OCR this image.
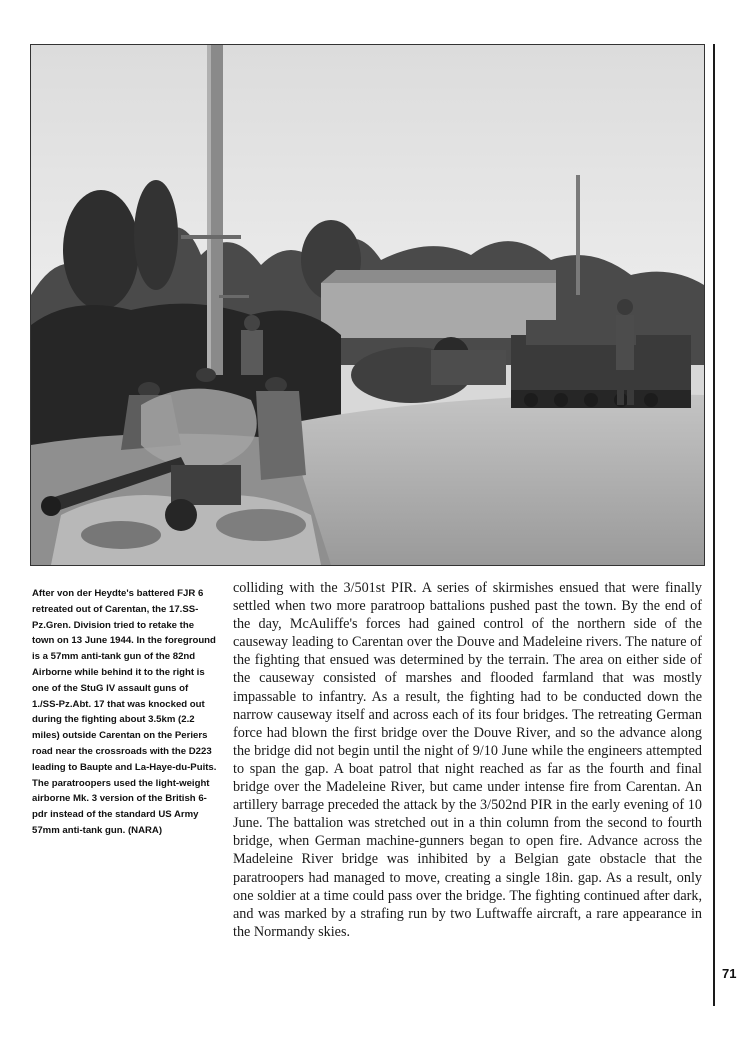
After von der Heydte's battered FJR 6 retreated out of Carentan, the 17.SS-Pz.Gren. Division tried to retake the town on 13 June 1944. In the foreground is a 57mm anti-tank gun of the 82nd Airborne while behind it to the right is one of the StuG IV assault guns of 1./SS-Pz.Abt. 17 that was knocked out during the fighting about 3.5km (2.2 miles) outside Carentan on the Periers road near the crossroads with the D223 leading to Baupte and La-Haye-du-Puits. The paratroopers used the light-weight airborne Mk. 3 version of the British 6-pdr instead of the standard US Army 57mm anti-tank gun. (NARA)
colliding with the 3/501st PIR. A series of skirmishes ensued that were finally settled when two more paratroop battalions pushed past the town. By the end of the day, McAuliffe's forces had gained control of the northern side of the causeway leading to Carentan over the Douve and Madeleine rivers. The nature of the fighting that ensued was determined by the terrain. The area on either side of the causeway consisted of marshes and flooded farmland that was mostly impassable to infantry. As a result, the fighting had to be conducted down the narrow causeway itself and across each of its four bridges. The retreating German force had blown the first bridge over the Douve River, and so the advance along the bridge did not begin until the night of 9/10 June while the engineers attempted to span the gap. A boat patrol that night reached as far as the fourth and final bridge over the Madeleine River, but came under intense fire from Carentan. An artillery barrage preceded the attack by the 3/502nd PIR in the early evening of 10 June. The battalion was stretched out in a thin column from the second to fourth bridge, when German machine-gunners began to open fire. Advance across the Madeleine River bridge was inhibited by a Belgian gate obstacle that the paratroopers had managed to move, creating a single 18in. gap. As a result, only one soldier at a time could pass over the bridge. The fighting continued after dark, and was marked by a strafing run by two Luftwaffe aircraft, a rare appearance in the Normandy skies.
71
